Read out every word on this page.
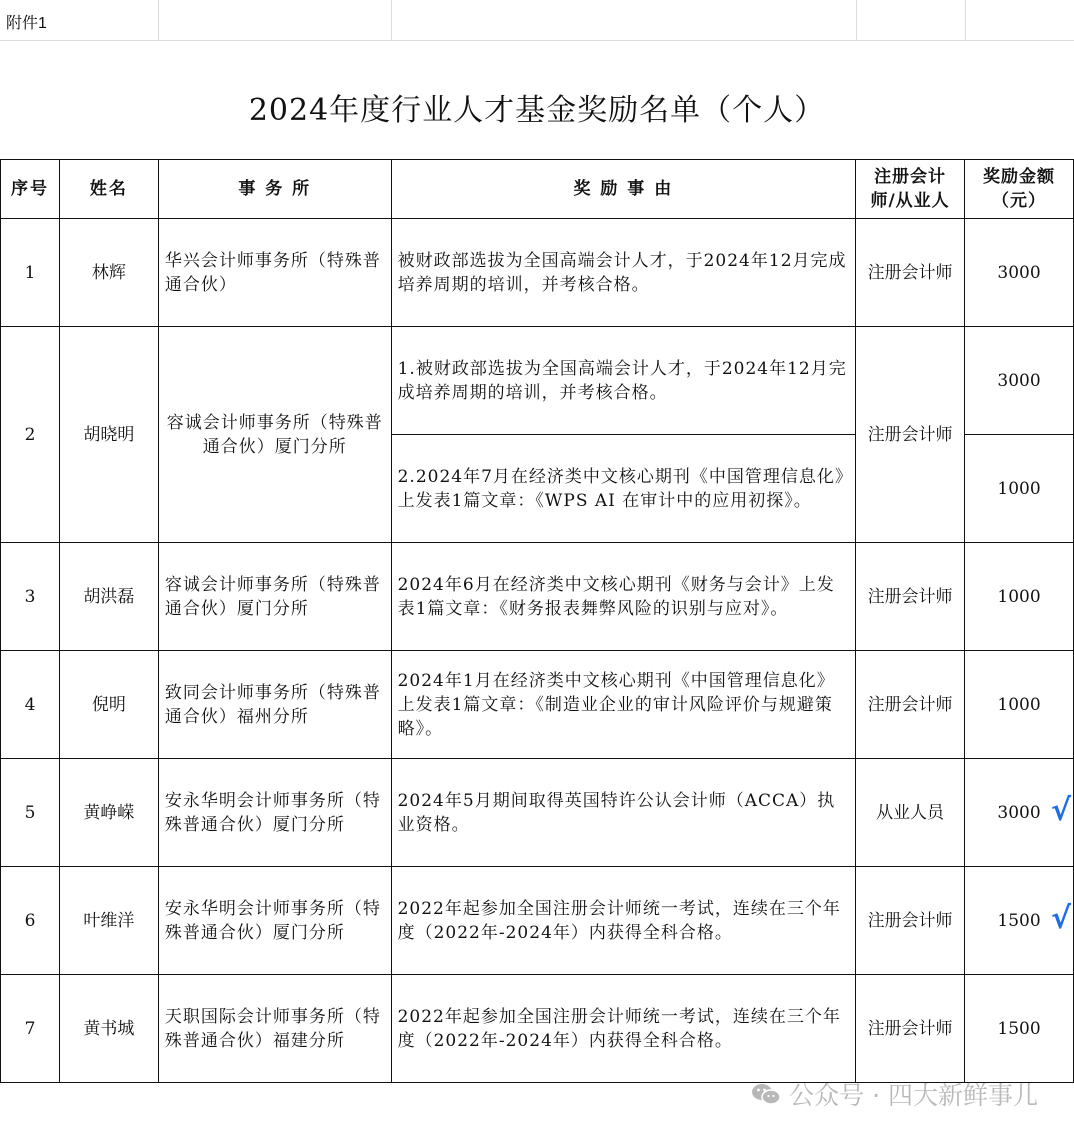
附件1
2024年度行业人才基金奖励名单（个人）
序号	姓名	事 务 所	奖 励 事 由	注册会计师/从业人	奖励金额（元）
1	林辉	华兴会计师事务所（特殊普通合伙）	被财政部选拔为全国高端会计人才，于2024年12月完成培养周期的培训，并考核合格。	注册会计师	3000
2	胡晓明	容诚会计师事务所（特殊普通合伙）厦门分所	1.被财政部选拔为全国高端会计人才，于2024年12月完成培养周期的培训，并考核合格。	注册会计师	3000
			2.2024年7月在经济类中文核心期刊《中国管理信息化》上发表1篇文章：《WPS AI 在审计中的应用初探》。		1000
3	胡洪磊	容诚会计师事务所（特殊普通合伙）厦门分所	2024年6月在经济类中文核心期刊《财务与会计》上发表1篇文章：《财务报表舞弊风险的识别与应对》。	注册会计师	1000
4	倪明	致同会计师事务所（特殊普通合伙）福州分所	2024年1月在经济类中文核心期刊《中国管理信息化》上发表1篇文章：《制造业企业的审计风险评价与规避策略》。	注册会计师	1000
5	黄峥嵘	安永华明会计师事务所（特殊普通合伙）厦门分所	2024年5月期间取得英国特许公认会计师（ACCA）执业资格。	从业人员	3000 √

6	叶维洋	安永华明会计师事务所（特殊普通合伙）厦门分所	2022年起参加全国注册会计师统一考试，连续在三个年度（2022年-2024年）内获得全科合格。	注册会计师	1500 √

7	黄书城	天职国际会计师事务所（特殊普通合伙）福建分所	2022年起参加全国注册会计师统一考试，连续在三个年度（2022年-2024年）内获得全科合格。	注册会计师	1500
公众号 · 四大新鲜事儿
